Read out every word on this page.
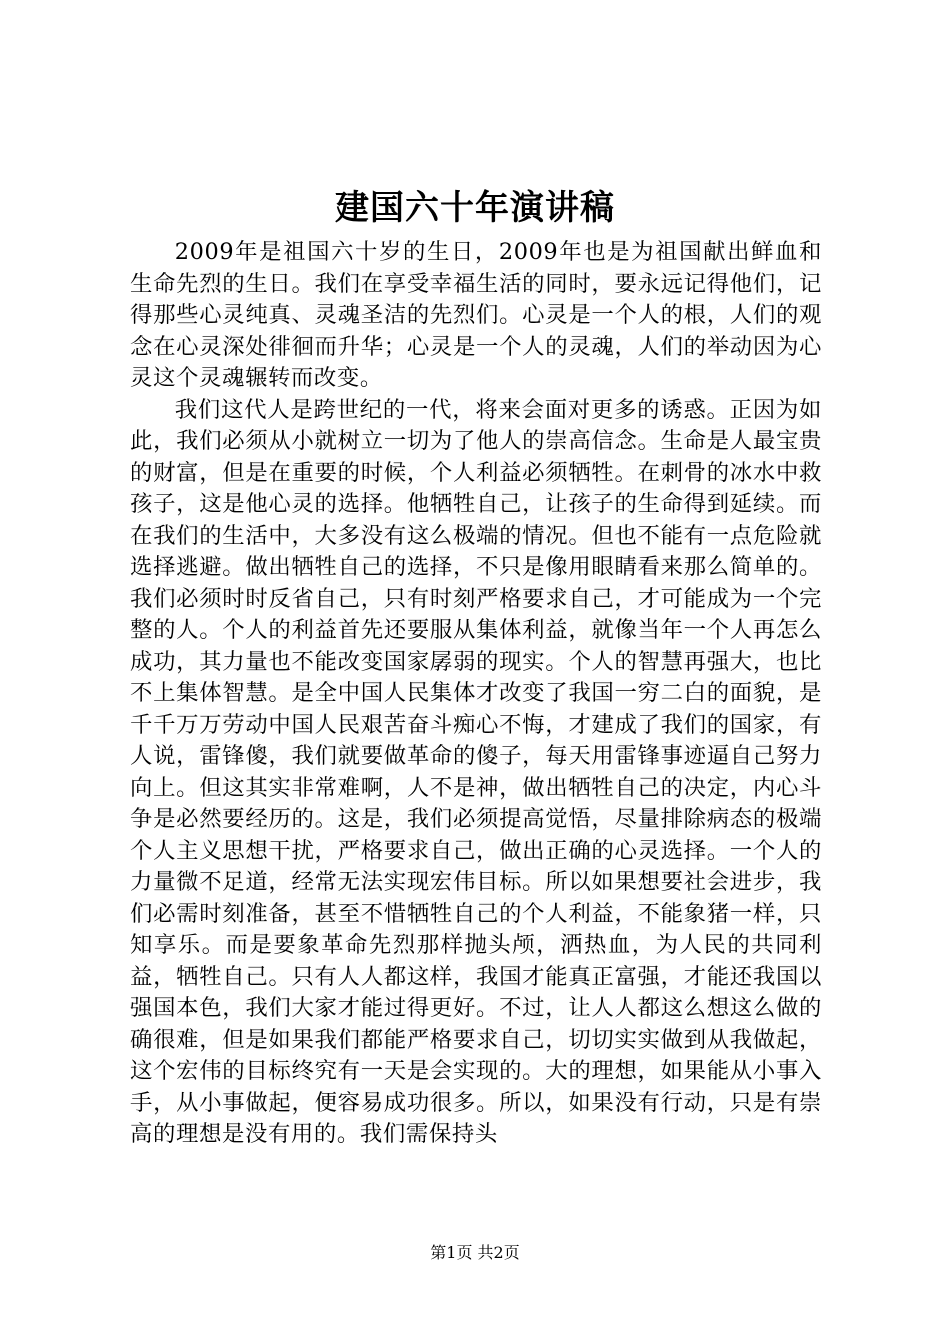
建国六十年演讲稿

2009年是祖国六十岁的生日，2009年也是为祖国献出鲜血和生命先烈的生日。我们在享受幸福生活的同时，要永远记得他们，记得那些心灵纯真、灵魂圣洁的先烈们。心灵是一个人的根，人们的观念在心灵深处徘徊而升华；心灵是一个人的灵魂，人们的举动因为心灵这个灵魂辗转而改变。

我们这代人是跨世纪的一代，将来会面对更多的诱惑。正因为如此，我们必须从小就树立一切为了他人的崇高信念。生命是人最宝贵的财富，但是在重要的时候，个人利益必须牺牲。在刺骨的冰水中救孩子，这是他心灵的选择。他牺牲自己，让孩子的生命得到延续。而在我们的生活中，大多没有这么极端的情况。但也不能有一点危险就选择逃避。做出牺牲自己的选择，不只是像用眼睛看来那么简单的。我们必须时时反省自己，只有时刻严格要求自己，才可能成为一个完整的人。个人的利益首先还要服从集体利益，就像当年一个人再怎么成功，其力量也不能改变国家孱弱的现实。个人的智慧再强大，也比不上集体智慧。是全中国人民集体才改变了我国一穷二白的面貌，是千千万万劳动中国人民艰苦奋斗痴心不悔，才建成了我们的国家，有人说，雷锋傻，我们就要做革命的傻子，每天用雷锋事迹逼自己努力向上。但这其实非常难啊，人不是神，做出牺牲自己的决定，内心斗争是必然要经历的。这是，我们必须提高觉悟，尽量排除病态的极端个人主义思想干扰，严格要求自己，做出正确的心灵选择。一个人的力量微不足道，经常无法实现宏伟目标。所以如果想要社会进步，我们必需时刻准备，甚至不惜牺牲自己的个人利益，不能象猪一样，只知享乐。而是要象革命先烈那样抛头颅，洒热血，为人民的共同利益，牺牲自己。只有人人都这样，我国才能真正富强，才能还我国以强国本色，我们大家才能过得更好。不过，让人人都这么想这么做的确很难，但是如果我们都能严格要求自己，切切实实做到从我做起，这个宏伟的目标终究有一天是会实现的。大的理想，如果能从小事入手，从小事做起，便容易成功很多。所以，如果没有行动，只是有崇高的理想是没有用的。我们需保持头

第1页 共2页
